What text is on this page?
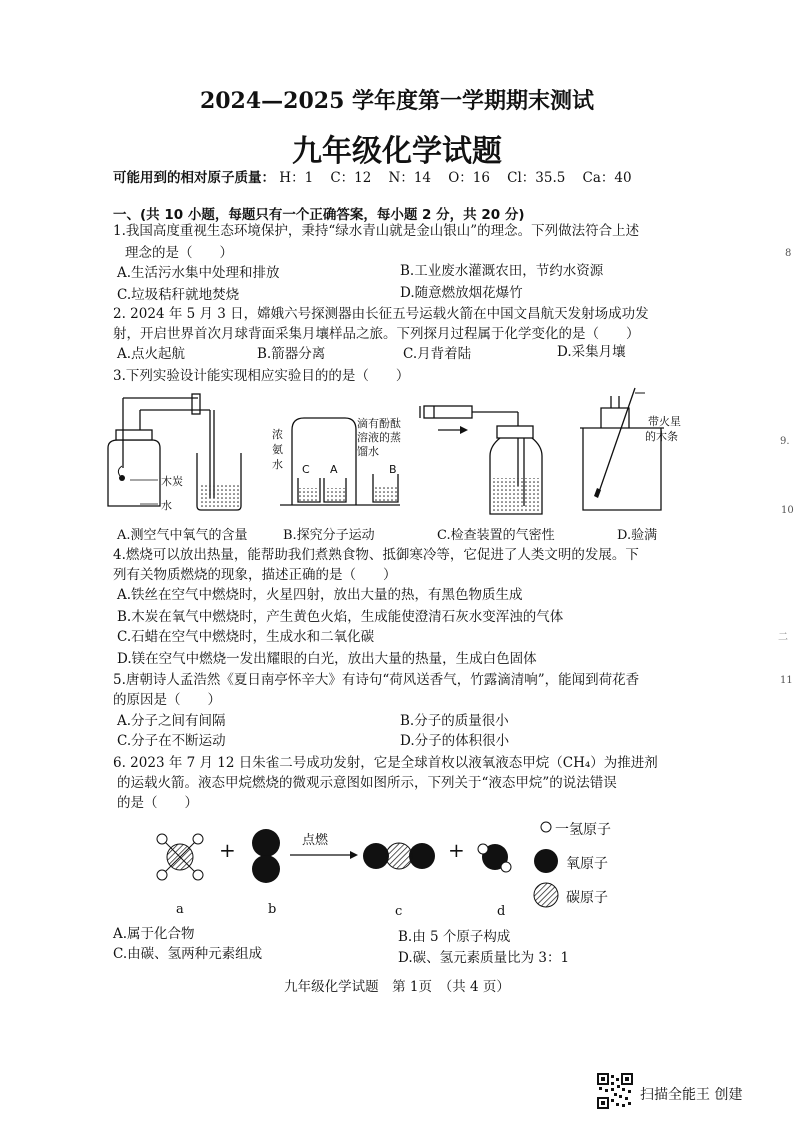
2024—2025 学年度第一学期期末测试
九年级化学试题
可能用到的相对原子质量： H：1 C：12 N：14 O：16 Cl：35.5 Ca：40
一、(共 10 小题，每题只有一个正确答案，每小题 2 分，共 20 分)
1.我国高度重视生态环境保护，秉持“绿水青山就是金山银山”的理念。下列做法符合上述
理念的是（　　）
A.生活污水集中处理和排放	B.工业废水灌溉农田，节约水资源
C.垃圾秸秆就地焚烧	D.随意燃放烟花爆竹
2. 2024 年 5 月 3 日，嫦娥六号探测器由长征五号运载火箭在中国文昌航天发射场成功发
射，开启世界首次月球背面采集月壤样品之旅。下列探月过程属于化学变化的是（　　）
A.点火起航	B.箭器分离	C.月背着陆	D.采集月壤
3.下列实验设计能实现相应实验目的的是（　　）
木炭
水
浓
氨
水 C A	B
滴有酚酞
溶液的蒸
馏水
带火星
的木条
A.测空气中氧气的含量	B.探究分子运动	C.检查装置的气密性	D.验满
4.燃烧可以放出热量，能帮助我们煮熟食物、抵御寒冷等，它促进了人类文明的发展。下
列有关物质燃烧的现象，描述正确的是（　　）
A.铁丝在空气中燃烧时，火星四射，放出大量的热，有黑色物质生成
B.木炭在氧气中燃烧时，产生黄色火焰，生成能使澄清石灰水变浑浊的气体
C.石蜡在空气中燃烧时，生成水和二氧化碳
D.镁在空气中燃烧一发出耀眼的白光，放出大量的热量，生成白色固体
5.唐朝诗人孟浩然《夏日南亭怀辛大》有诗句“荷风送香气，竹露滴清响”，能闻到荷花香
的原因是（　　）
A.分子之间有间隔	B.分子的质量很小
C.分子在不断运动	D.分子的体积很小
6. 2023 年 7 月 12 日朱雀二号成功发射，它是全球首枚以液氧液态甲烷（CH₄）为推进剂
的运载火箭。液态甲烷燃烧的微观示意图如图所示，下列关于“液态甲烷”的说法错误
的是（　　）
+	+
点燃
a	b	c	d
一氢原子
氧原子
碳原子
A.属于化合物	B.由 5 个原子构成
C.由碳、氢两种元素组成	D.碳、氢元素质量比为 3：1
九年级化学试题　第 1页　（共 4 页）
8
9.
10
二
11
扫描全能王 创建
